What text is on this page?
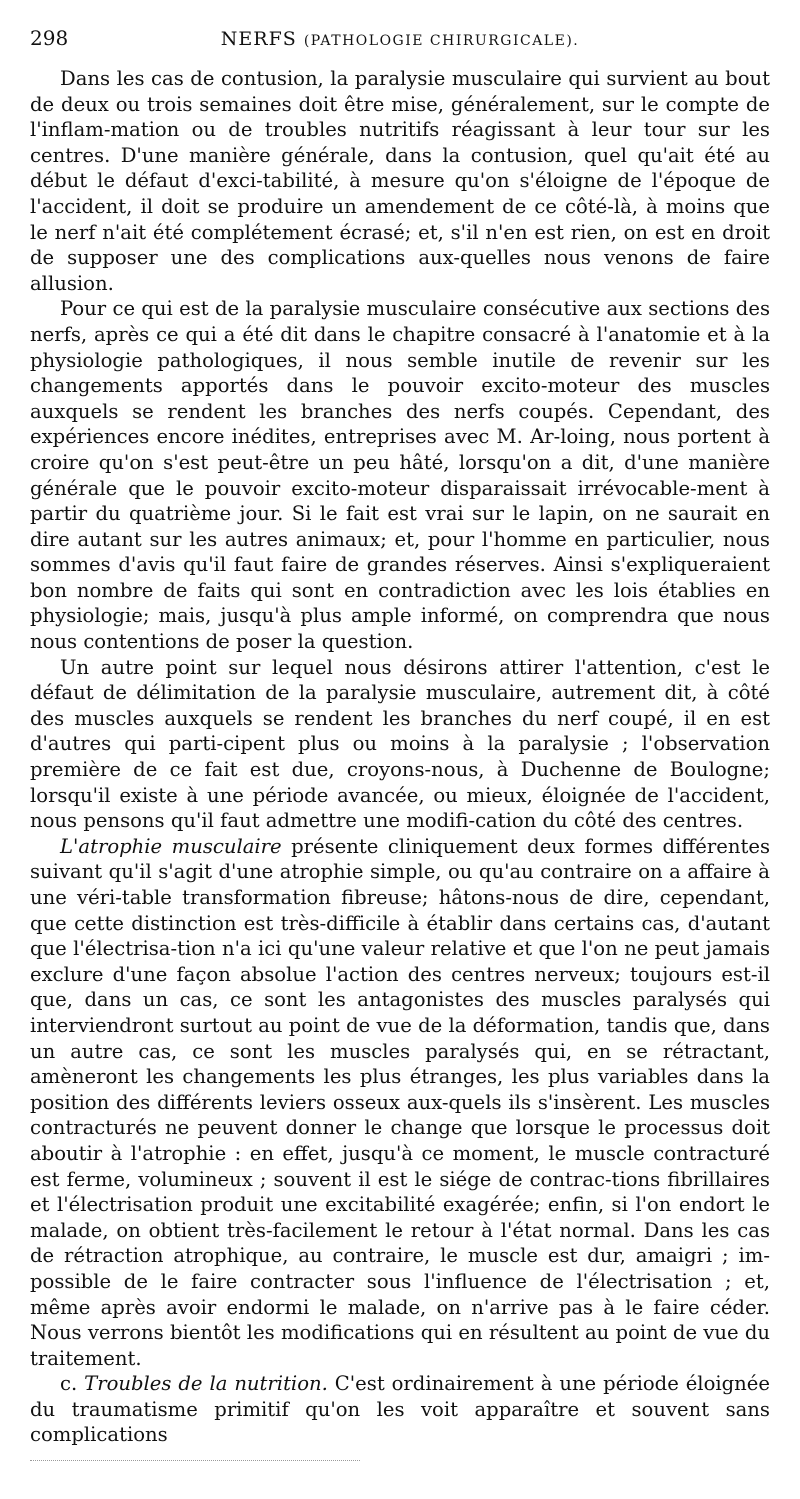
298	NERFS (PATHOLOGIE CHIRURGICALE).

Dans les cas de contusion, la paralysie musculaire qui survient au bout de deux ou trois semaines doit être mise, généralement, sur le compte de l'inflam-mation ou de troubles nutritifs réagissant à leur tour sur les centres. D'une manière générale, dans la contusion, quel qu'ait été au début le défaut d'exci-tabilité, à mesure qu'on s'éloigne de l'époque de l'accident, il doit se produire un amendement de ce côté-là, à moins que le nerf n'ait été complétement écrasé; et, s'il n'en est rien, on est en droit de supposer une des complications aux-quelles nous venons de faire allusion.

Pour ce qui est de la paralysie musculaire consécutive aux sections des nerfs, après ce qui a été dit dans le chapitre consacré à l'anatomie et à la physiologie pathologiques, il nous semble inutile de revenir sur les changements apportés dans le pouvoir excito-moteur des muscles auxquels se rendent les branches des nerfs coupés. Cependant, des expériences encore inédites, entreprises avec M. Ar-loing, nous portent à croire qu'on s'est peut-être un peu hâté, lorsqu'on a dit, d'une manière générale que le pouvoir excito-moteur disparaissait irrévocable-ment à partir du quatrième jour. Si le fait est vrai sur le lapin, on ne saurait en dire autant sur les autres animaux; et, pour l'homme en particulier, nous sommes d'avis qu'il faut faire de grandes réserves. Ainsi s'expliqueraient bon nombre de faits qui sont en contradiction avec les lois établies en physiologie; mais, jusqu'à plus ample informé, on comprendra que nous nous contentions de poser la question.

Un autre point sur lequel nous désirons attirer l'attention, c'est le défaut de délimitation de la paralysie musculaire, autrement dit, à côté des muscles auxquels se rendent les branches du nerf coupé, il en est d'autres qui parti-cipent plus ou moins à la paralysie ; l'observation première de ce fait est due, croyons-nous, à Duchenne de Boulogne; lorsqu'il existe à une période avancée, ou mieux, éloignée de l'accident, nous pensons qu'il faut admettre une modifi-cation du côté des centres.

L'atrophie musculaire présente cliniquement deux formes différentes suivant qu'il s'agit d'une atrophie simple, ou qu'au contraire on a affaire à une véri-table transformation fibreuse; hâtons-nous de dire, cependant, que cette distinction est très-difficile à établir dans certains cas, d'autant que l'électrisa-tion n'a ici qu'une valeur relative et que l'on ne peut jamais exclure d'une façon absolue l'action des centres nerveux; toujours est-il que, dans un cas, ce sont les antagonistes des muscles paralysés qui interviendront surtout au point de vue de la déformation, tandis que, dans un autre cas, ce sont les muscles paralysés qui, en se rétractant, amèneront les changements les plus étranges, les plus variables dans la position des différents leviers osseux aux-quels ils s'insèrent. Les muscles contracturés ne peuvent donner le change que lorsque le processus doit aboutir à l'atrophie : en effet, jusqu'à ce moment, le muscle contracturé est ferme, volumineux ; souvent il est le siége de contrac-tions fibrillaires et l'électrisation produit une excitabilité exagérée; enfin, si l'on endort le malade, on obtient très-facilement le retour à l'état normal. Dans les cas de rétraction atrophique, au contraire, le muscle est dur, amaigri ; im-possible de le faire contracter sous l'influence de l'électrisation ; et, même après avoir endormi le malade, on n'arrive pas à le faire céder. Nous verrons bientôt les modifications qui en résultent au point de vue du traitement.

c. Troubles de la nutrition. C'est ordinairement à une période éloignée du traumatisme primitif qu'on les voit apparaître et souvent sans complications
